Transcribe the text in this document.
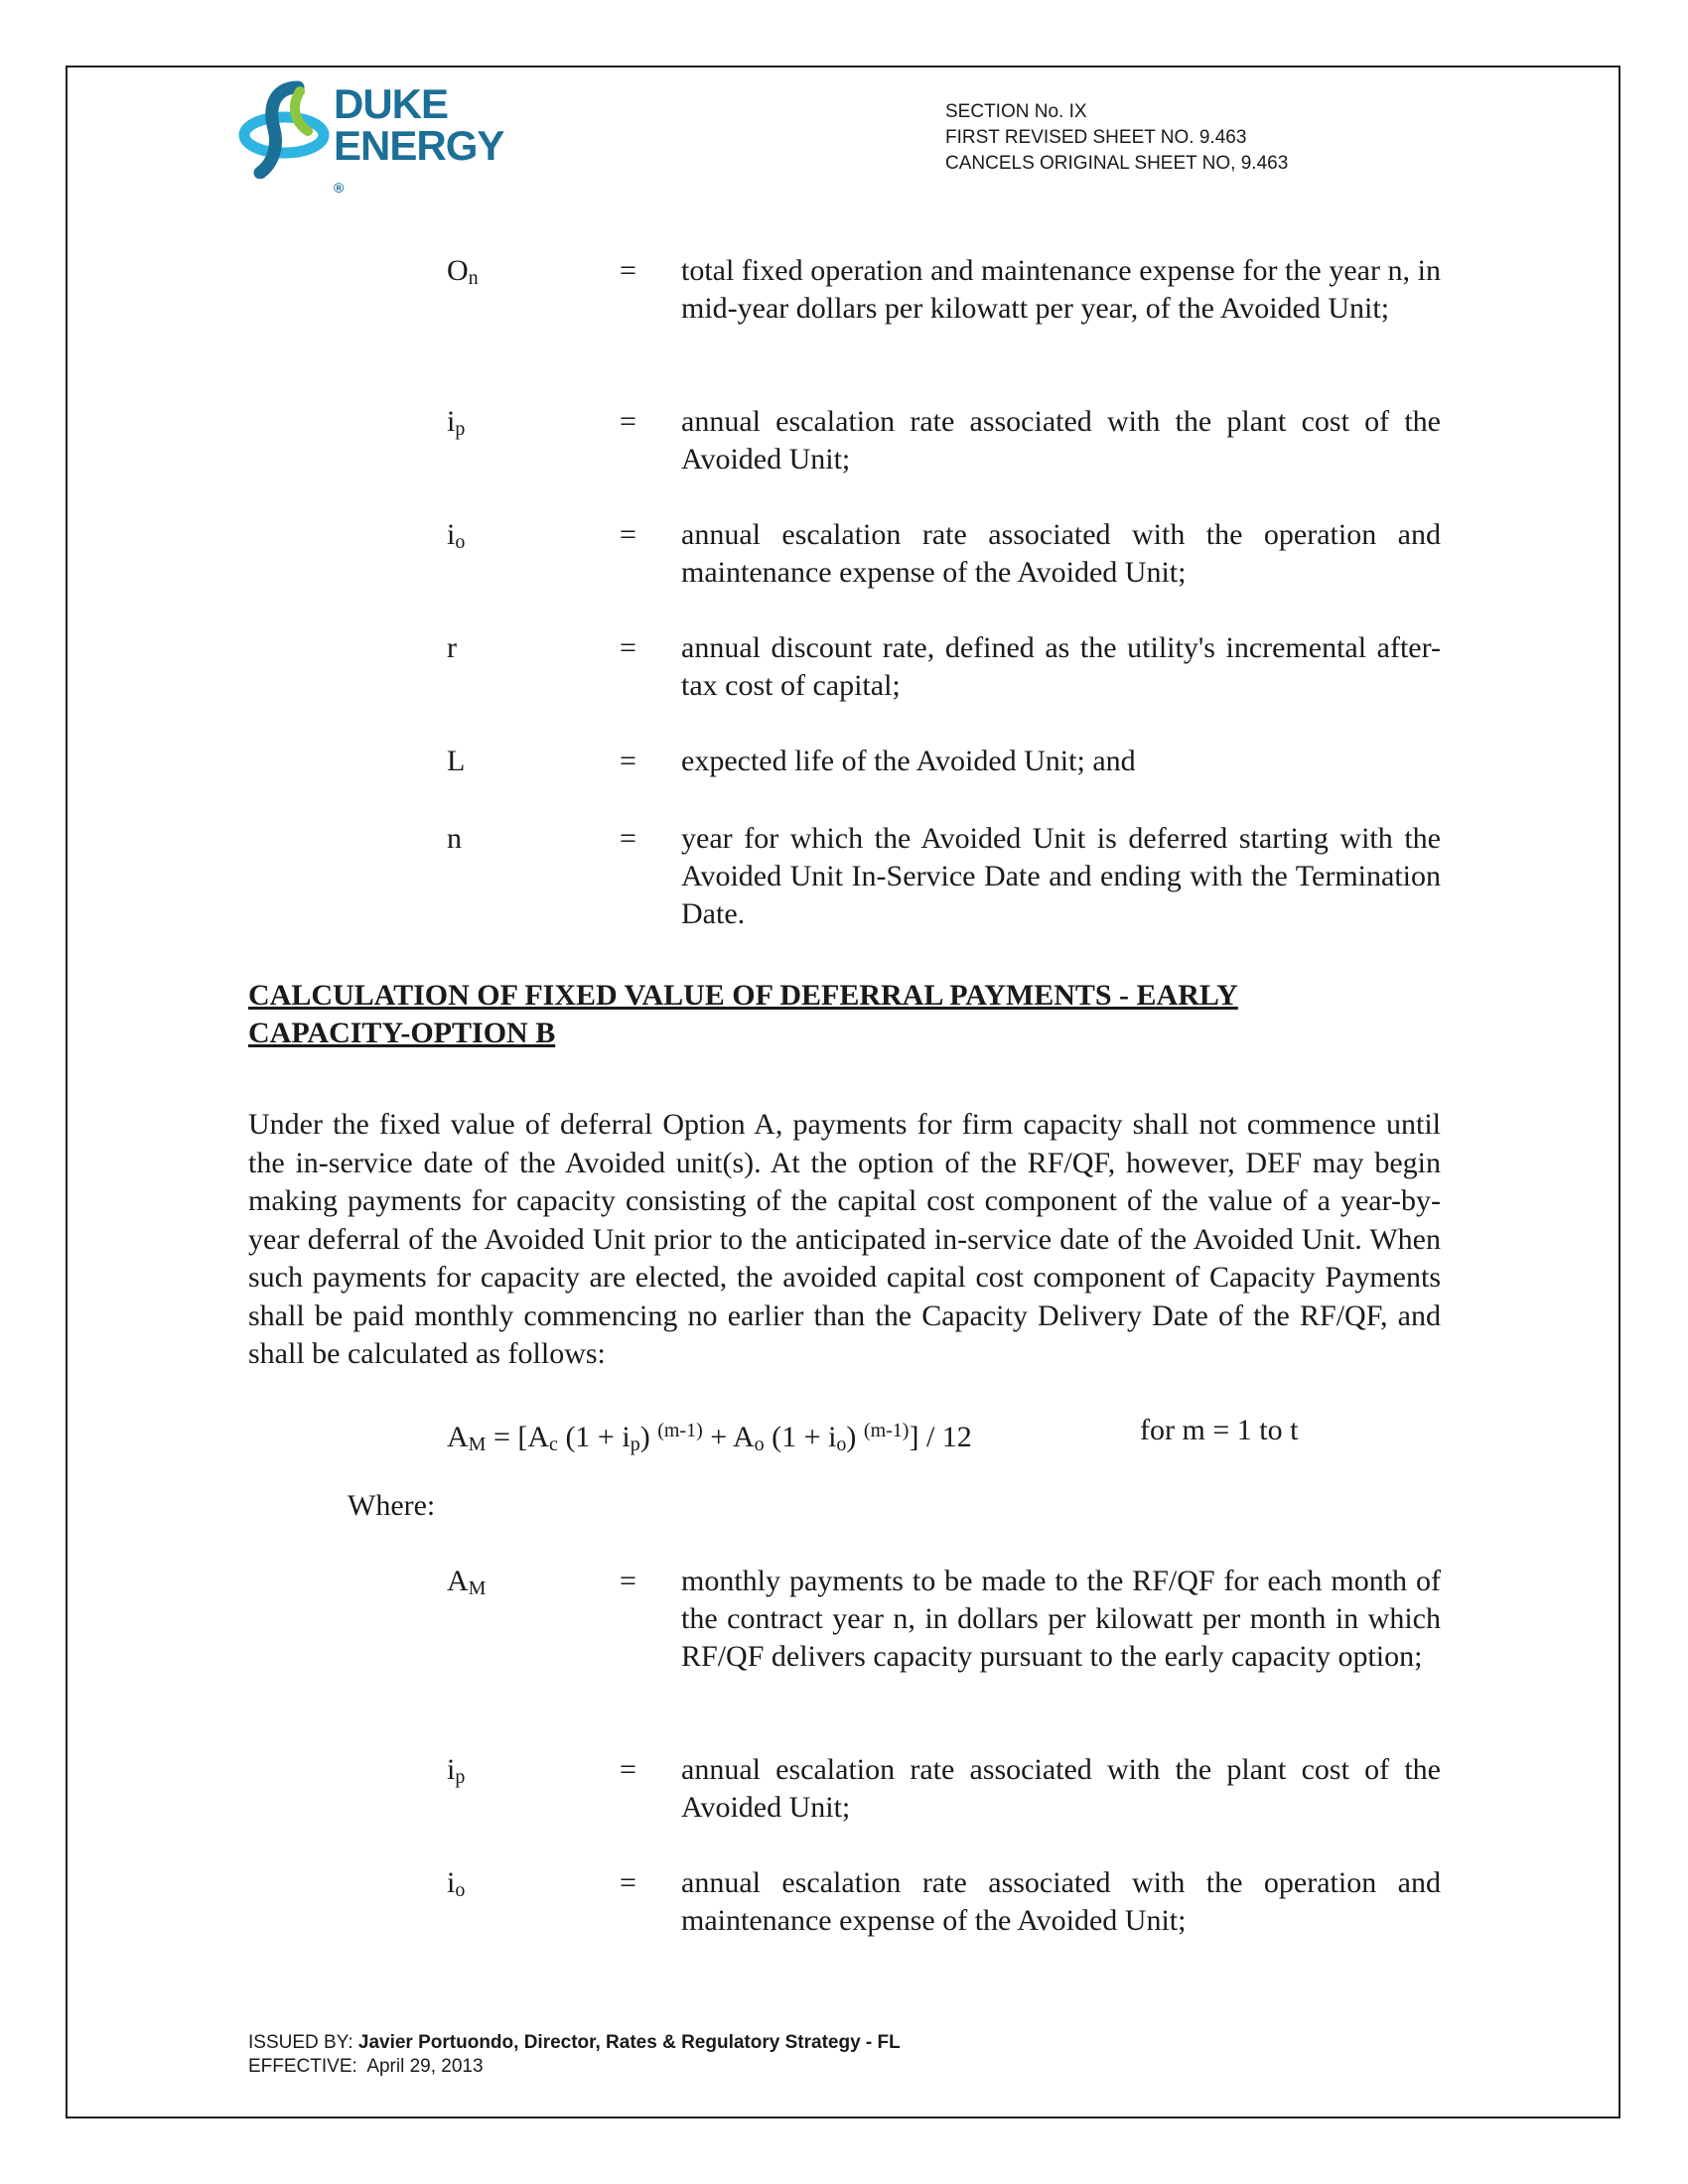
DUKE
ENERGY
®
SECTION No. IX
FIRST REVISED SHEET NO. 9.463
CANCELS ORIGINAL SHEET NO, 9.463
$O_n$	= total fixed operation and maintenance expense for the year n, in mid-year dollars per kilowatt per year, of the Avoided Unit;
$i_p$	= annual escalation rate associated with the plant cost of the Avoided Unit;
$i_o$	= annual escalation rate associated with the operation and maintenance expense of the Avoided Unit;
r	= annual discount rate, defined as the utility's incremental after-tax cost of capital;
L	= expected life of the Avoided Unit; and
n	= year for which the Avoided Unit is deferred starting with the Avoided Unit In-Service Date and ending with the Termination Date.
CALCULATION OF FIXED VALUE OF DEFERRAL PAYMENTS - EARLY
CAPACITY-OPTION B
Under the fixed value of deferral Option A, payments for firm capacity shall not commence until the in-service date of the Avoided unit(s). At the option of the RF/QF, however, DEF may begin making payments for capacity consisting of the capital cost component of the value of a year-by-year deferral of the Avoided Unit prior to the anticipated in-service date of the Avoided Unit. When such payments for capacity are elected, the avoided capital cost component of Capacity Payments shall be paid monthly commencing no earlier than the Capacity Delivery Date of the RF/QF, and shall be calculated as follows:
$A_M = [A_c$ $(1 + i_p)$ $^{(m-1)} + A_o$ $(1 + i_o)$ $^{(m-1)}$] / 12	for m = 1 to t
Where:
$A_M$	= monthly payments to be made to the RF/QF for each month of the contract year n, in dollars per kilowatt per month in which RF/QF delivers capacity pursuant to the early capacity option;
$i_p$	= annual escalation rate associated with the plant cost of the Avoided Unit;
$i_o$	= annual escalation rate associated with the operation and maintenance expense of the Avoided Unit;
ISSUED BY: Javier Portuondo, Director, Rates & Regulatory Strategy - FL
EFFECTIVE: April 29, 2013
